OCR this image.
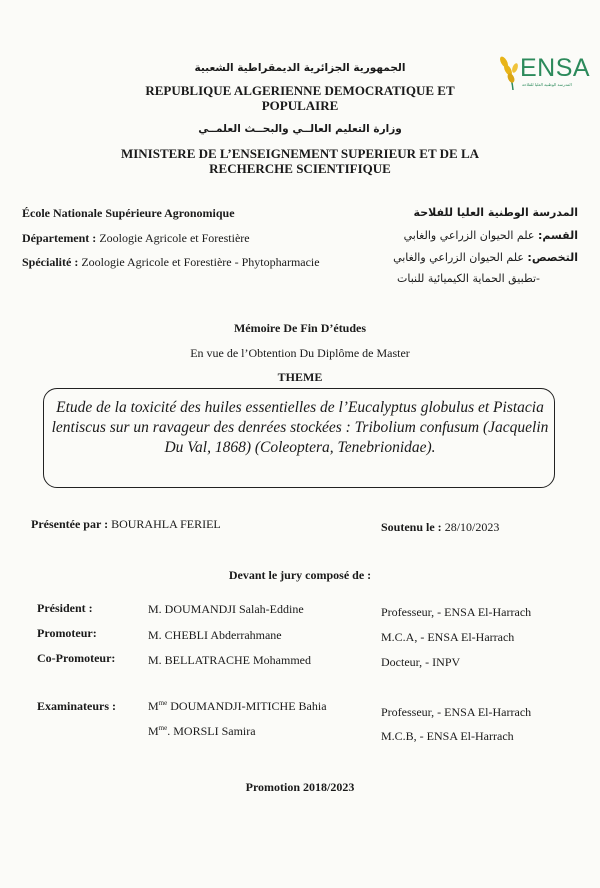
ENSA
المدرسة الوطنية العليا للفلاحة
الجمهورية الجزائرية الديمقراطية الشعبية
REPUBLIQUE ALGERIENNE DEMOCRATIQUE ET POPULAIRE
وزارة التعليم العالــي والبحــث العلمــي
MINISTERE DE L’ENSEIGNEMENT SUPERIEUR ET DE LA RECHERCHE SCIENTIFIQUE
École Nationale Supérieure Agronomique
Département : Zoologie Agricole et Forestière
Spécialité : Zoologie Agricole et Forestière - Phytopharmacie
المدرسة الوطنية العليا للفلاحة
القسم: علم الحيوان الزراعي والغابي
التخصص: علم الحيوان الزراعي والغابي
-تطبيق الحماية الكيميائية للنبات
Mémoire De Fin D’études
En vue de l’Obtention Du Diplôme de Master
THEME
Etude de la toxicité des huiles essentielles de l’Eucalyptus globulus et Pistacia lentiscus sur un ravageur des denrées stockées : Tribolium confusum (Jacquelin Du Val, 1868) (Coleoptera, Tenebrionidae).
Présentée par : BOURAHLA FERIEL	Soutenu le : 28/10/2023
Devant le jury composé de :
Président :	M. DOUMANDJI Salah-Eddine	Professeur, - ENSA El-Harrach
Promoteur:	M. CHEBLI Abderrahmane	M.C.A, - ENSA El-Harrach
Co-Promoteur:	M. BELLATRACHE Mohammed	Docteur, - INPV
Examinateurs :	$M^{me}$ DOUMANDJI-MITICHE Bahia	Professeur, - ENSA El-Harrach
$M^{me}$. MORSLI Samira	M.C.B, - ENSA El-Harrach
Promotion 2018/2023
